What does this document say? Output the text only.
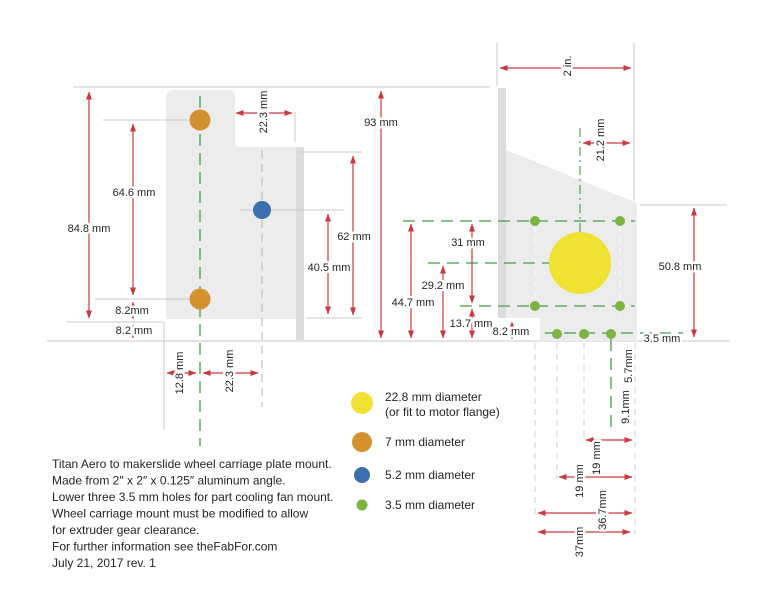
84.8 mm
64.6 mm
8.2mm
8.2 mm
22.3 mm	93 mm
62 mm
40.5 mm
12.8 mm	22.3 mm
2 in.
21.2 mm
31 mm
29.2 mm
44.7 mm
13.7 mm
8.2 mm
50.8 mm
3.5 mm
5.7mm
9.1mm
19 mm
19 mm
36.7mm
37mm
22.8 mm diameter
(or fit to motor flange)
7 mm diameter
5.2 mm diameter
3.5 mm diameter
Titan Aero to makerslide wheel carriage plate mount.
Made from 2″ x 2″ x 0.125″ aluminum angle.
Lower three 3.5 mm holes for part cooling fan mount.
Wheel carriage mount must be modified to allow
for extruder gear clearance.
For further information see theFabFor.com
July 21, 2017 rev. 1
